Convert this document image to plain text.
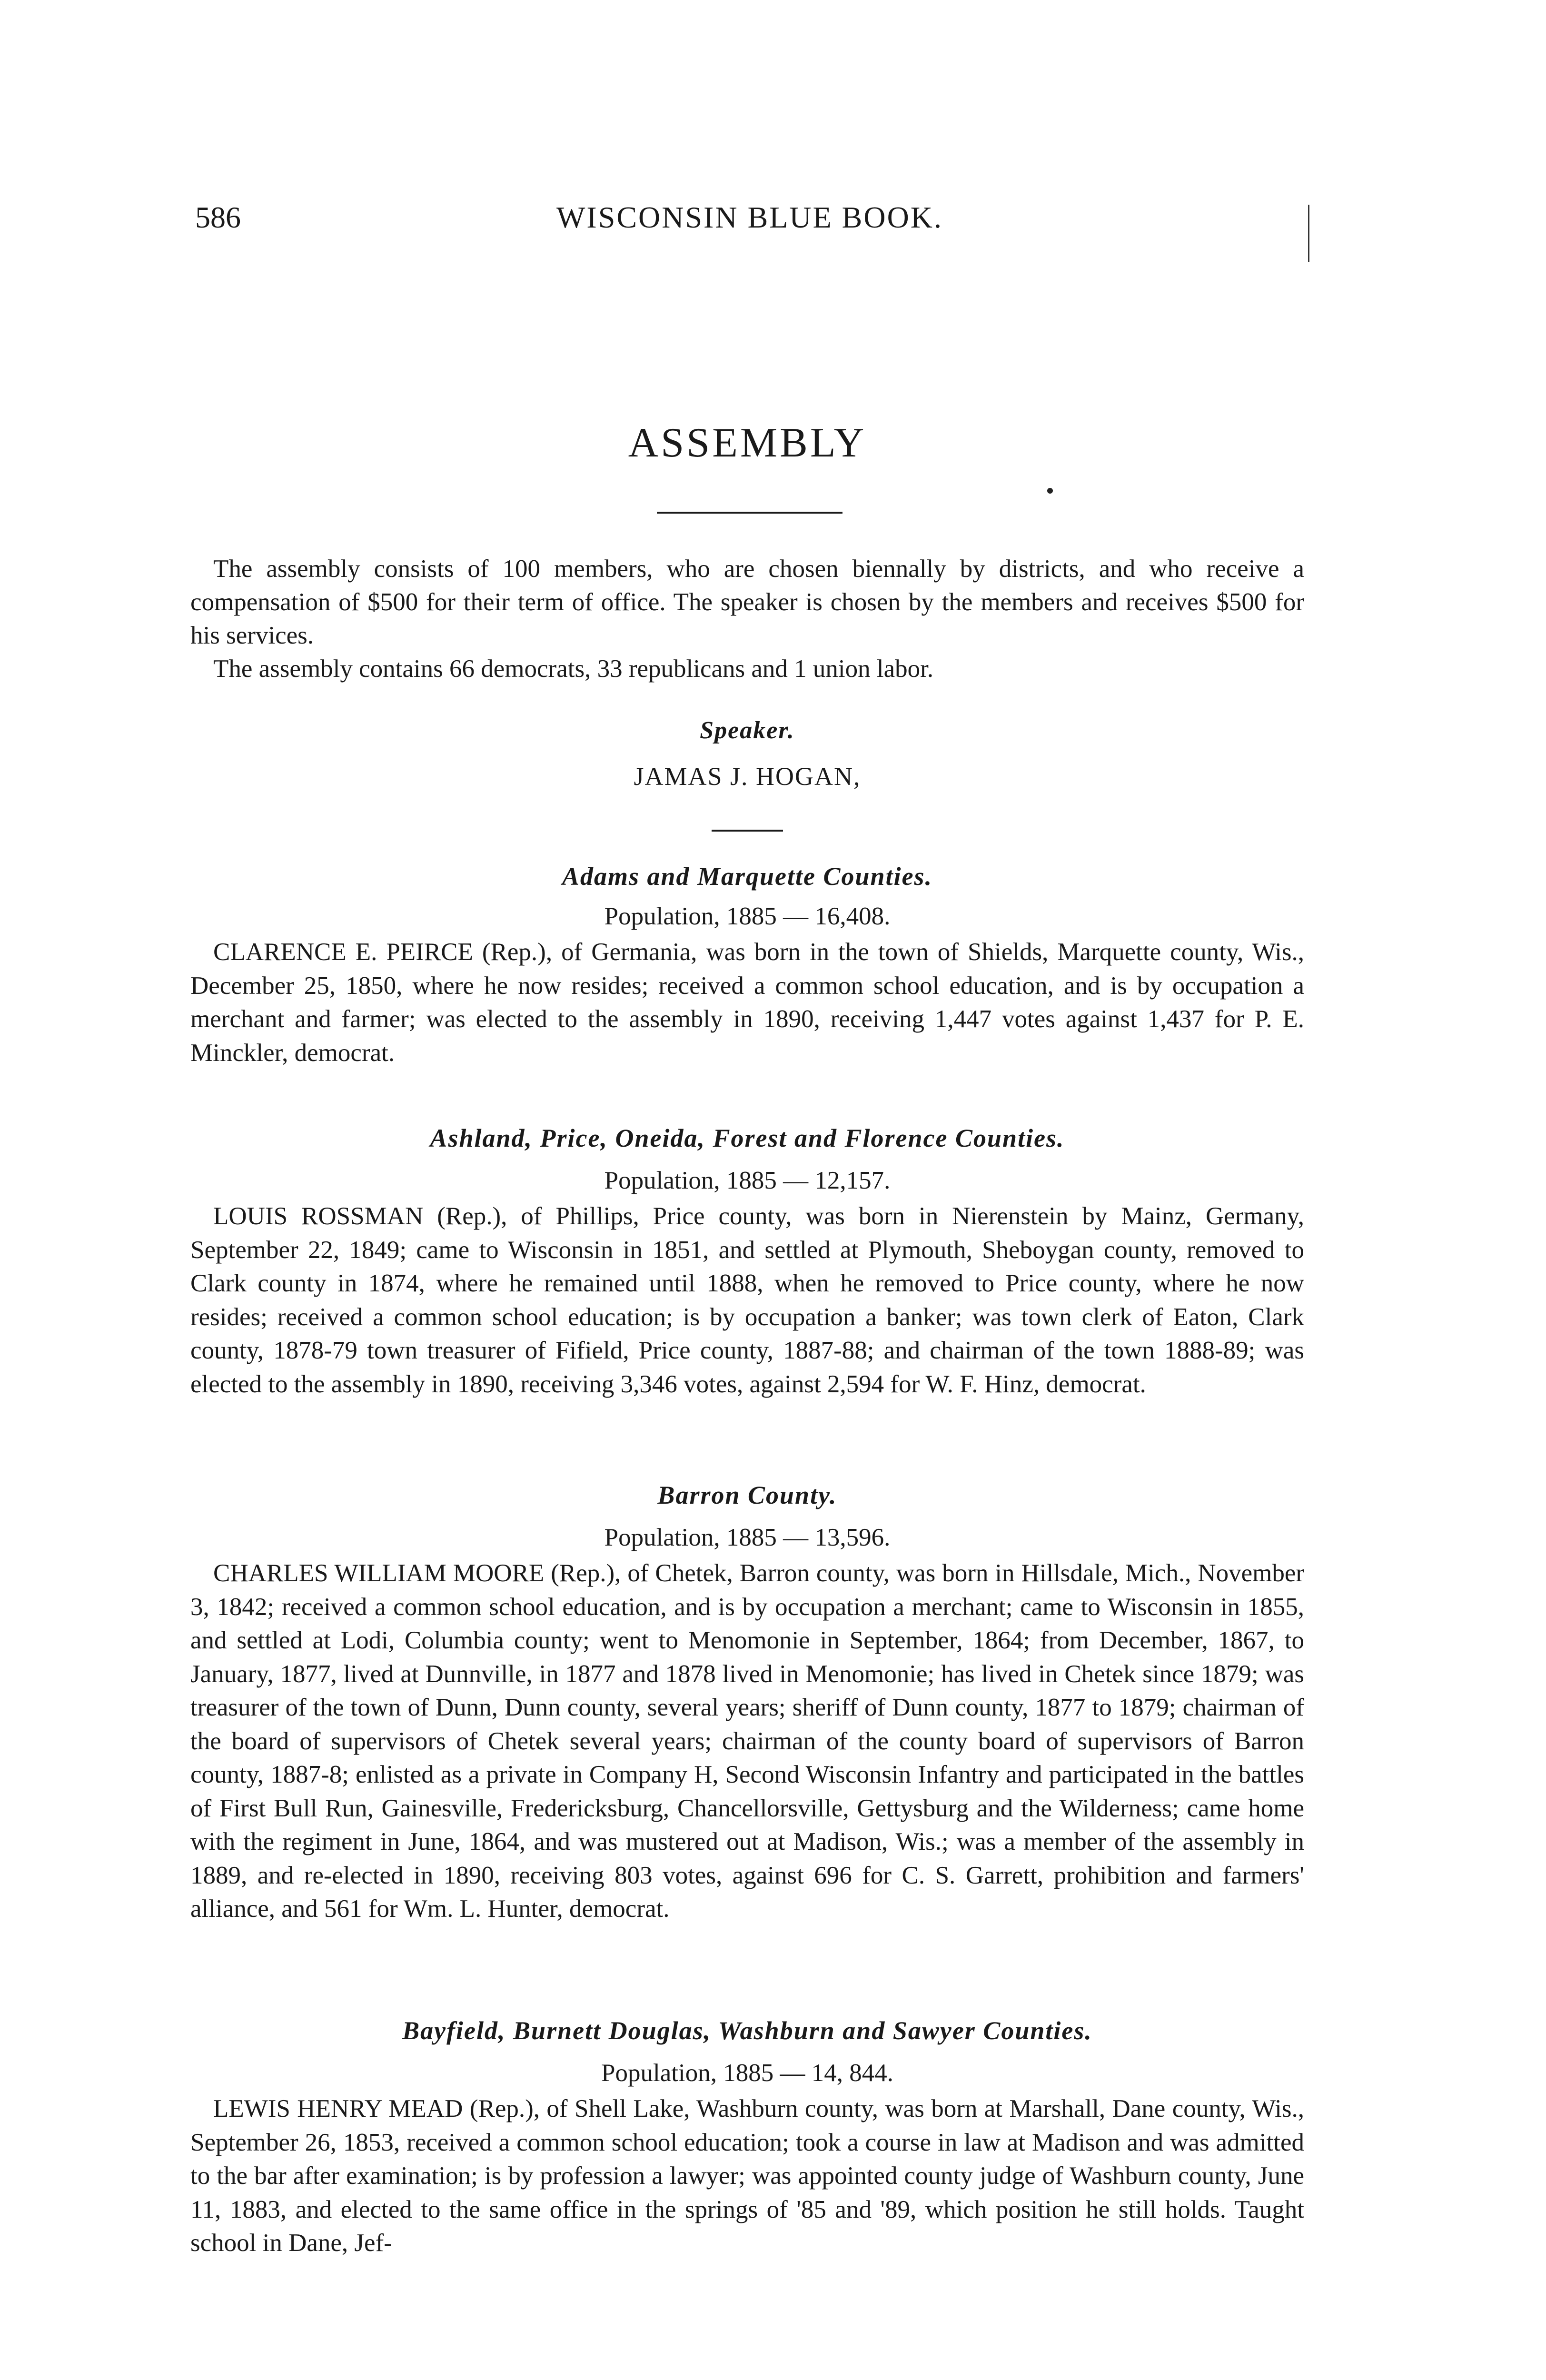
586	WISCONSIN BLUE BOOK.
ASSEMBLY

The assembly consists of 100 members, who are chosen biennally by districts, and who receive a compensation of $500 for their term of office. The speaker is chosen by the members and receives $500 for his services.

The assembly contains 66 democrats, 33 republicans and 1 union labor.

Speaker.
JAMAS J. HOGAN,
Adams and Marquette Counties.
Population, 1885 — 16,408.

CLARENCE E. PEIRCE (Rep.), of Germania, was born in the town of Shields, Marquette county, Wis., December 25, 1850, where he now resides; received a common school education, and is by occupation a merchant and farmer; was elected to the assembly in 1890, receiving 1,447 votes against 1,437 for P. E. Minckler, democrat.

Ashland, Price, Oneida, Forest and Florence Counties.
Population, 1885 — 12,157.

LOUIS ROSSMAN (Rep.), of Phillips, Price county, was born in Nierenstein by Mainz, Germany, September 22, 1849; came to Wisconsin in 1851, and settled at Plymouth, Sheboygan county, removed to Clark county in 1874, where he remained until 1888, when he removed to Price county, where he now resides; received a common school education; is by occupation a banker; was town clerk of Eaton, Clark county, 1878-79 town treasurer of Fifield, Price county, 1887-88; and chairman of the town 1888-89; was elected to the assembly in 1890, receiving 3,346 votes, against 2,594 for W. F. Hinz, democrat.

Barron County.
Population, 1885 — 13,596.

CHARLES WILLIAM MOORE (Rep.), of Chetek, Barron county, was born in Hillsdale, Mich., November 3, 1842; received a common school education, and is by occupation a merchant; came to Wisconsin in 1855, and settled at Lodi, Columbia county; went to Menomonie in September, 1864; from December, 1867, to January, 1877, lived at Dunnville, in 1877 and 1878 lived in Menomonie; has lived in Chetek since 1879; was treasurer of the town of Dunn, Dunn county, several years; sheriff of Dunn county, 1877 to 1879; chairman of the board of supervisors of Chetek several years; chairman of the county board of supervisors of Barron county, 1887-8; enlisted as a private in Company H, Second Wisconsin Infantry and participated in the battles of First Bull Run, Gainesville, Fredericksburg, Chancellorsville, Gettysburg and the Wilderness; came home with the regiment in June, 1864, and was mustered out at Madison, Wis.; was a member of the assembly in 1889, and re-elected in 1890, receiving 803 votes, against 696 for C. S. Garrett, prohibition and farmers' alliance, and 561 for Wm. L. Hunter, democrat.

Bayfield, Burnett Douglas, Washburn and Sawyer Counties.
Population, 1885 — 14, 844.

LEWIS HENRY MEAD (Rep.), of Shell Lake, Washburn county, was born at Marshall, Dane county, Wis., September 26, 1853, received a common school education; took a course in law at Madison and was admitted to the bar after examination; is by profession a lawyer; was appointed county judge of Washburn county, June 11, 1883, and elected to the same office in the springs of '85 and '89, which position he still holds. Taught school in Dane, Jef-
